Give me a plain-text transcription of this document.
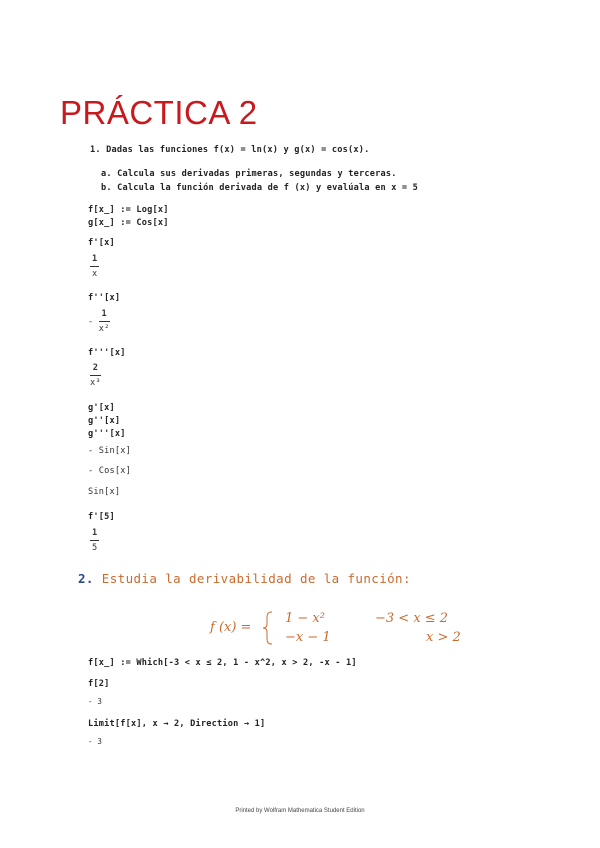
PRÁCTICA 2
1. Dadas las funciones f(x) = ln(x) y g(x) = cos(x).
a. Calcula sus derivadas primeras, segundas y terceras.
b. Calcula la función derivada de f (x) y evalúala en x = 5
f[x_] := Log[x]
g[x_] := Cos[x]
f'[x]
$\frac{1}{x}$
f''[x]
- $\frac{1}{\text{x²}}$
f'''[x]
$\frac{2}{\text{x³}}$
g'[x]
g''[x]
g'''[x]
- Sin[x]
- Cos[x]
Sin[x]
f'[5]
$\frac{1}{5}$
2. Estudia la derivabilidad de la función:
f (x) =
1 − x²	−3 < x ≤ 2
−x − 1	x > 2
f[x_] := Which[-3 < x ≤ 2, 1 - x^2, x > 2, -x - 1]
f[2]
- 3
Limit[f[x], x → 2, Direction → 1]
- 3
Printed by Wolfram Mathematica Student Edition
